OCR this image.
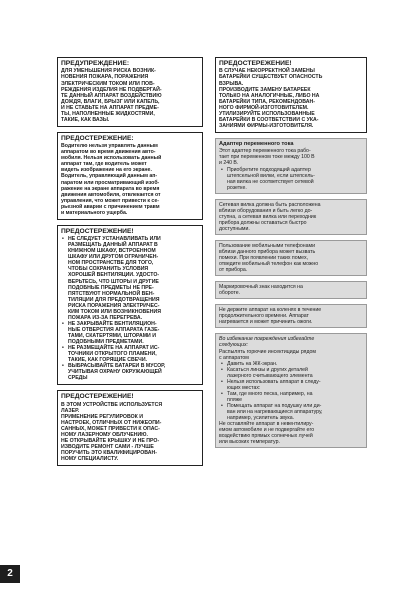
ПРЕДУПРЕЖДЕНИЕ:

ДЛЯ УМЕНЬШЕНИЯ РИСКА ВОЗНИК-
НОВЕНИЯ ПОЖАРА, ПОРАЖЕНИЯ
ЭЛЕКТРИЧЕСКИМ ТОКОМ ИЛИ ПОВ-
РЕЖДЕНИЯ ИЗДЕЛИЯ НЕ ПОДВЕРГАЙ-
ТЕ ДАННЫЙ АППАРАТ ВОЗДЕЙСТВИЮ
ДОЖДЯ, ВЛАГИ, БРЫЗГ ИЛИ КАПЕЛЬ,
И НЕ СТАВЬТЕ НА АППАРАТ ПРЕДМЕ-
ТЫ, НАПОЛНЕННЫЕ ЖИДКОСТЯМИ,
ТАКИЕ, КАК ВАЗЫ.

ПРЕДОСТЕРЕЖЕНИЕ:

Водителю нельзя управлять данным
аппаратом во время движения авто-
мобиля. Нельзя использовать данный
аппарат там, где водитель может
видеть изображение на его экране.
Водитель, управляющий данным ап-
паратом или просматривающий изоб-
ражение на экране аппарата во время
движения автомобиля, отвлекается от
управления, что может привести к се-
рьезной аварии с причинением травм
и материального ущерба.

ПРЕДОСТЕРЕЖЕНИЕ!
• НЕ СЛЕДУЕТ УСТАНАВЛИВАТЬ ИЛИ
РАЗМЕЩАТЬ ДАННЫЙ АППАРАТ В
КНИЖНОМ ШКАФУ, ВСТРОЕННОМ
ШКАФУ ИЛИ ДРУГОМ ОГРАНИЧЕН-
НОМ ПРОСТРАНСТВЕ ДЛЯ ТОГО,
ЧТОБЫ СОХРАНИТЬ УСЛОВИЯ
ХОРОШЕЙ ВЕНТИЛЯЦИИ. УДОСТО-
ВЕРЬТЕСЬ, ЧТО ШТОРЫ И ДРУГИЕ
ПОДОБНЫЕ ПРЕДМЕТЫ НЕ ПРЕ-
ПЯТСТВУЮТ НОРМАЛЬНОЙ ВЕН-
ТИЛЯЦИИ ДЛЯ ПРЕДОТВРАЩЕНИЯ
РИСКА ПОРАЖЕНИЯ ЭЛЕКТРИЧЕС-
КИМ ТОКОМ ИЛИ ВОЗНИКНОВЕНИЯ
ПОЖАРА ИЗ-ЗА ПЕРЕГРЕВА.
• НЕ ЗАКРЫВАЙТЕ ВЕНТИЛЯЦИОН-
НЫЕ ОТВЕРСТИЯ АППАРАТА ГАЗЕ-
ТАМИ, СКАТЕРТЯМИ, ШТОРАМИ И
ПОДОБНЫМИ ПРЕДМЕТАМИ.
• НЕ РАЗМЕЩАЙТЕ НА АППАРАТ ИС-
ТОЧНИКИ ОТКРЫТОГО ПЛАМЕНИ,
ТАКИЕ, КАК ГОРЯЩИЕ СВЕЧИ.
• ВЫБРАСЫВАЙТЕ БАТАРЕИ В МУСОР,
УЧИТЫВАЯ ОХРАНУ ОКРУЖАЮЩЕЙ
СРЕДЫ
ПРЕДОСТЕРЕЖЕНИЕ!

В ЭТОМ УСТРОЙСТВЕ ИСПОЛЬЗУЕТСЯ
ЛАЗЕР.
ПРИМЕНЕНИЕ РЕГУЛИРОВОК И
НАСТРОЕК, ОТЛИЧНЫХ ОТ НИЖЕОПИ-
САННЫХ, МОЖЕТ ПРИВЕСТИ К ОПАС-
НОМУ ЛАЗЕРНОМУ ОБЛУЧЕНИЮ.
НЕ ОТКРЫВАЙТЕ КРЫШКУ И НЕ ПРО-
ИЗВОДИТЕ РЕМОНТ САМИ - ЛУЧШЕ
ПОРУЧИТЬ ЭТО КВАЛИФИЦИРОВАН-
НОМУ СПЕЦИАЛИСТУ.

ПРЕДОСТЕРЕЖЕНИЕ!

В СЛУЧАЕ НЕКОРРЕКТНОЙ ЗАМЕНЫ
БАТАРЕЙКИ СУЩЕСТВУЕТ ОПАСНОСТЬ
ВЗРЫВА.
ПРОИЗВОДИТЕ ЗАМЕНУ БАТАРЕЕК
ТОЛЬКО НА АНАЛОГИЧНЫЕ, ЛИБО НА
БАТАРЕЙКИ ТИПА, РЕКОМЕНДОВАН-
НОГО ФИРМОЙ-ИЗГОТОВИТЕЛЕМ.
УТИЛИЗИРУЙТЕ ИСПОЛЬЗОВАННЫЕ
БАТАРЕЙКИ В СООТВЕТСТВИИ С УКА-
ЗАНИЯМИ ФИРМЫ-ИЗГОТОВИТЕЛЯ.

Адаптер переменного тока

Этот адаптер переменного тока рабо-
тает при переменном токе между 100 В
и 240 В.

• Приобретите подходящий адаптер
штепсельной вилки, если штепсель-
ная вилка не соответствует сетевой
розетке.

Сетевая вилка должна быть расположена
вблизи оборудования и быть легко до-
ступна, а сетевая вилка или переходник
прибора должны оставаться быстро
доступными.

Пользование мобильными телефонами
вблизи данного прибора может вызвать
помехи. При появлении таких помех,
отведите мобильный телефон как можно
от прибора.

Маркировочный знак находится на
обороте.

Не держите аппарат на коленях в течение
продолжительного времени. Аппарат
нагревается и может причинить ожоги.

Во избежание повреждения избегайте
следующих:

Распылять горючие инсектициды рядом
с аппаратом

• Давить на ЖК-экран.
• Касаться линзы и других деталей
лазерного считывающего элемента
• Нельзя использовать аппарат в следу-
ющих местах:
• Там, где много песка, например, на
пляже
• Помещать аппарат на подушку или ди-
ван или на нагревающиеся аппаратуру,
например, усилитель звука.

Не оставляйте аппарат в невентилиру-
емом автомобиле и не подвергайте его
воздействию прямых солнечных лучей
или высоких температур.

2
